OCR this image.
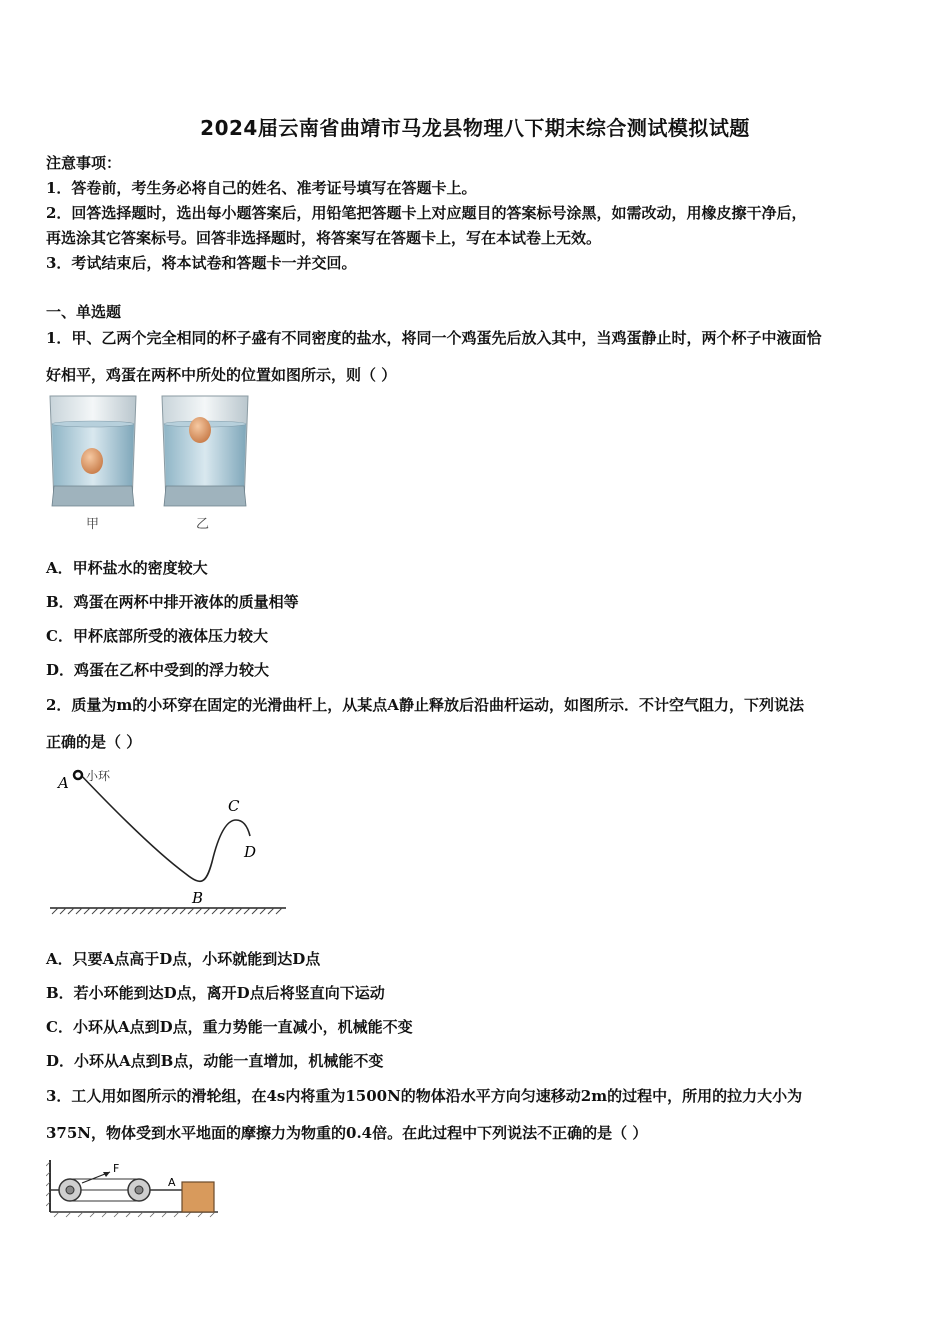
2024届云南省曲靖市马龙县物理八下期末综合测试模拟试题
注意事项：
1．答卷前，考生务必将自己的姓名、准考证号填写在答题卡上。
2．回答选择题时，选出每小题答案后，用铅笔把答题卡上对应题目的答案标号涂黑，如需改动，用橡皮擦干净后，
再选涂其它答案标号。回答非选择题时，将答案写在答题卡上，写在本试卷上无效。
3．考试结束后，将本试卷和答题卡一并交回。
一、单选题
1．甲、乙两个完全相同的杯子盛有不同密度的盐水，将同一个鸡蛋先后放入其中，当鸡蛋静止时，两个杯子中液面恰
好相平，鸡蛋在两杯中所处的位置如图所示，则（ ）
甲	乙
A．甲杯盐水的密度较大
B．鸡蛋在两杯中排开液体的质量相等
C．甲杯底部所受的液体压力较大
D．鸡蛋在乙杯中受到的浮力较大
2．质量为m的小环穿在固定的光滑曲杆上，从某点A静止释放后沿曲杆运动，如图所示．不计空气阻力，下列说法
正确的是（ ）
A 小环
C
D
B
A．只要A点高于D点，小环就能到达D点
B．若小环能到达D点，离开D点后将竖直向下运动
C．小环从A点到D点，重力势能一直减小，机械能不变
D．小环从A点到B点，动能一直增加，机械能不变
3．工人用如图所示的滑轮组，在4s内将重为1500N的物体沿水平方向匀速移动2m的过程中，所用的拉力大小为
375N，物体受到水平地面的摩擦力为物重的0.4倍。在此过程中下列说法不正确的是（ ）
F
A
